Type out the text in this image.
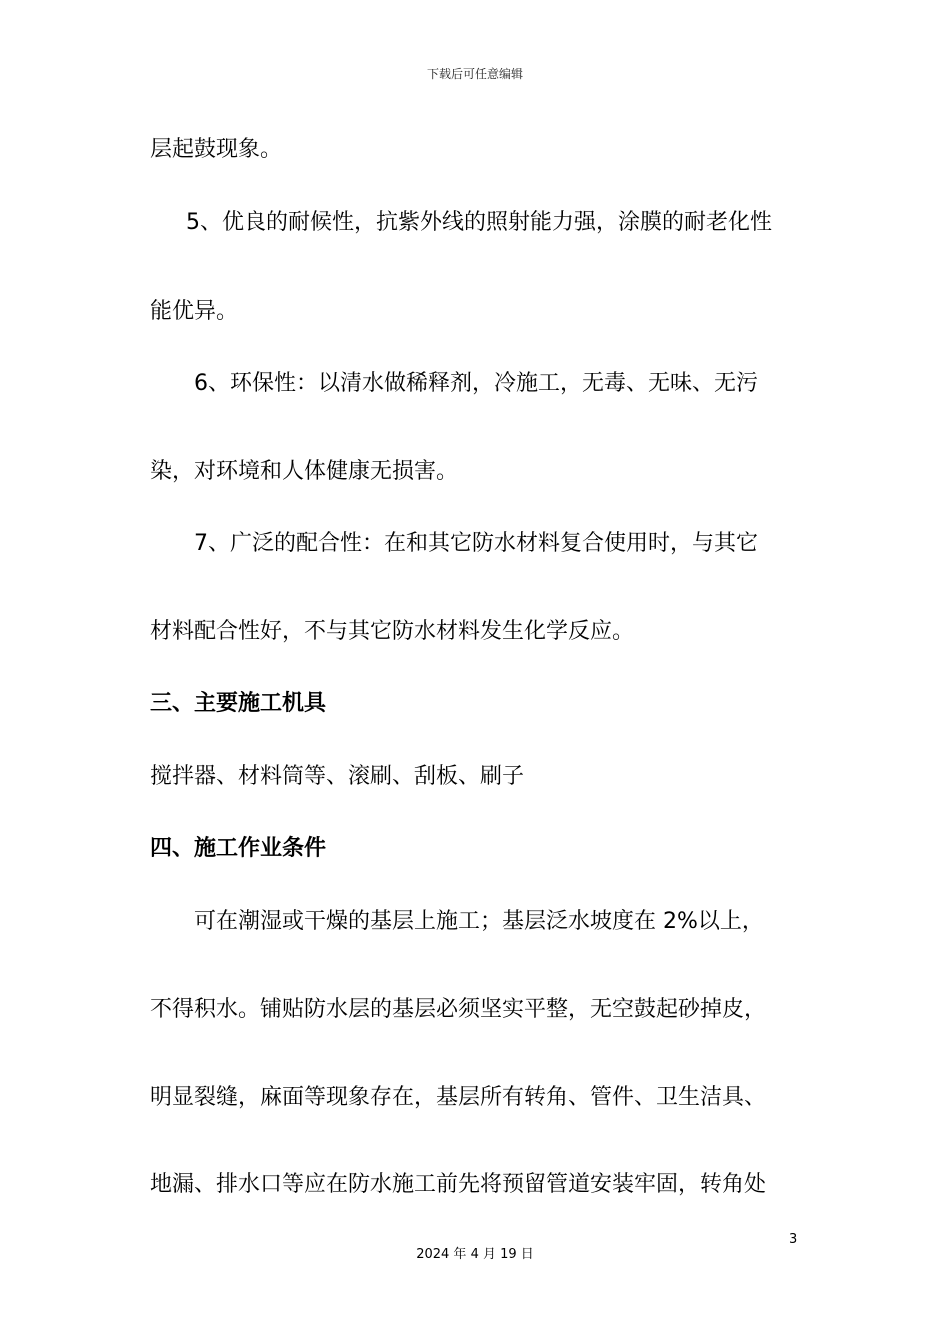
下载后可任意编辑
层起鼓现象。
5、优良的耐候性，抗紫外线的照射能力强，涂膜的耐老化性
能优异。
6、环保性：以清水做稀释剂，冷施工，无毒、无味、无污
染，对环境和人体健康无损害。
7、广泛的配合性：在和其它防水材料复合使用时，与其它
材料配合性好，不与其它防水材料发生化学反应。
三、主要施工机具
搅拌器、材料筒等、滚刷、刮板、刷子
四、施工作业条件
可在潮湿或干燥的基层上施工；基层泛水坡度在 2%以上，
不得积水。铺贴防水层的基层必须坚实平整，无空鼓起砂掉皮，
明显裂缝，麻面等现象存在，基层所有转角、管件、卫生洁具、
地漏、排水口等应在防水施工前先将预留管道安装牢固，转角处
3
2024 年 4 月 19 日
